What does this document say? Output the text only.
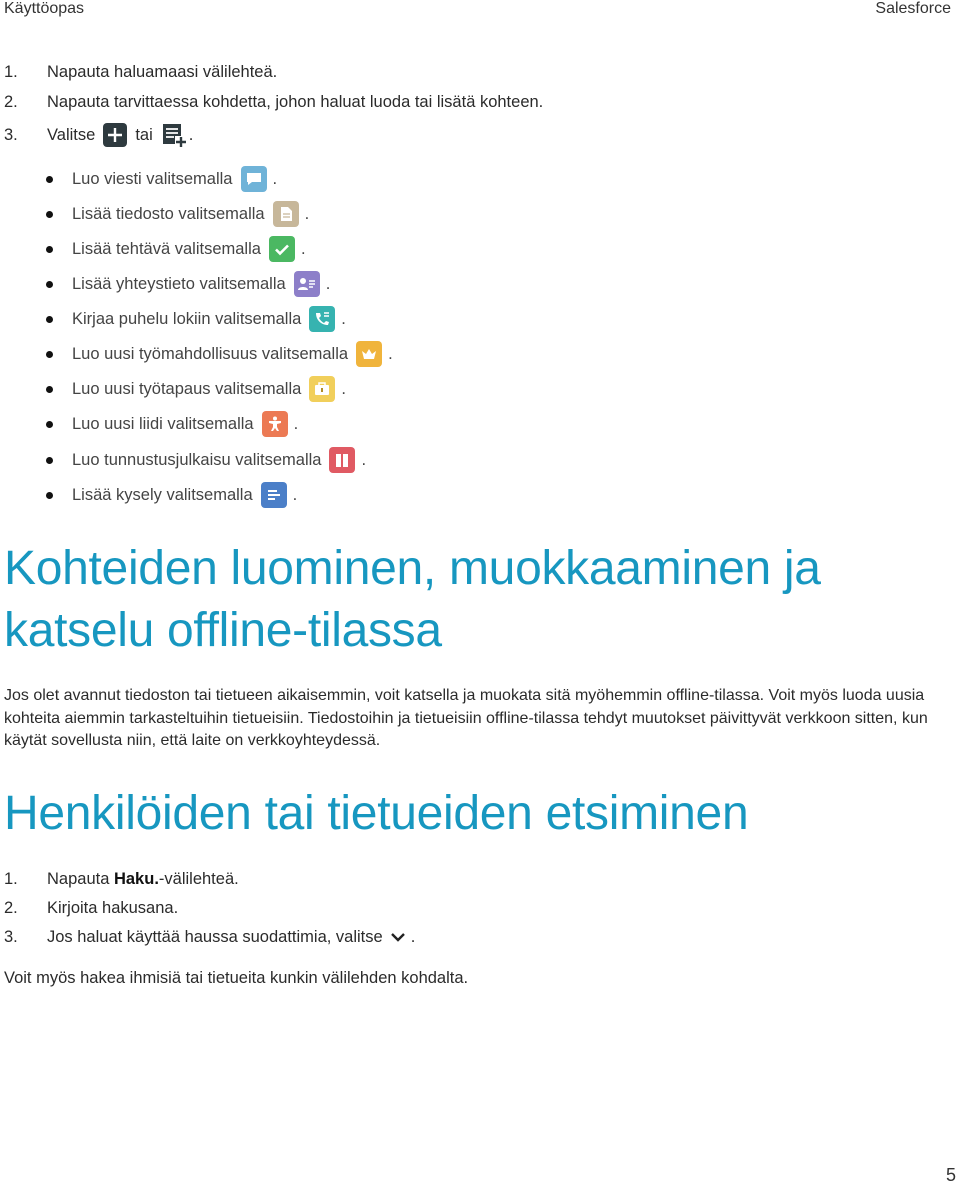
Käyttöopas	Salesforce
1.	Napauta haluamaasi välilehteä.
2.	Napauta tarvittaessa kohdetta, johon haluat luoda tai lisätä kohteen.
3.	Valitse tai .
Luo viesti valitsemalla .
Lisää tiedosto valitsemalla .
Lisää tehtävä valitsemalla .
Lisää yhteystieto valitsemalla .
Kirjaa puhelu lokiin valitsemalla .
Luo uusi työmahdollisuus valitsemalla .
Luo uusi työtapaus valitsemalla .
Luo uusi liidi valitsemalla .
Luo tunnustusjulkaisu valitsemalla .
Lisää kysely valitsemalla .
Kohteiden luominen, muokkaaminen ja
katselu offline-tilassa

Jos olet avannut tiedoston tai tietueen aikaisemmin, voit katsella ja muokata sitä myöhemmin offline-tilassa. Voit myös luoda uusia kohteita aiemmin tarkasteltuihin tietueisiin. Tiedostoihin ja tietueisiin offline-tilassa tehdyt muutokset päivittyvät verkkoon sitten, kun käytät sovellusta niin, että laite on verkkoyhteydessä.

Henkilöiden tai tietueiden etsiminen
1.	Napauta Haku. -välilehteä.
2.	Kirjoita hakusana.
3.	Jos haluat käyttää haussa suodattimia, valitse .

Voit myös hakea ihmisiä tai tietueita kunkin välilehden kohdalta.

5
